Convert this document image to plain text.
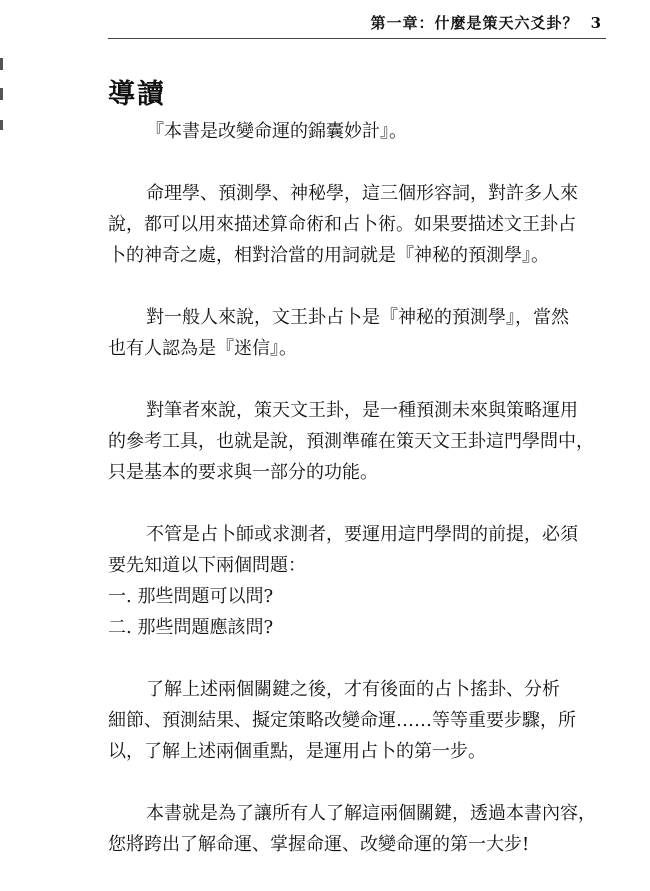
第一章：什麼是策天六爻卦？ 3
導讀
『本書是改變命運的錦囊妙計』。
命理學、預測學、神秘學，這三個形容詞，對許多人來
說，都可以用來描述算命術和占卜術。如果要描述文王卦占
卜的神奇之處，相對洽當的用詞就是『神秘的預測學』。
對一般人來說，文王卦占卜是『神秘的預測學』，當然
也有人認為是『迷信』。
對筆者來說，策天文王卦，是一種預測未來與策略運用
的參考工具，也就是說，預測準確在策天文王卦這門學問中，
只是基本的要求與一部分的功能。
不管是占卜師或求測者，要運用這門學問的前提，必須
要先知道以下兩個問題：
一. 那些問題可以問?
二. 那些問題應該問?
了解上述兩個關鍵之後，才有後面的占卜搖卦、分析
細節、預測結果、擬定策略改變命運……等等重要步驟，所
以，了解上述兩個重點，是運用占卜的第一步。
本書就是為了讓所有人了解這兩個關鍵，透過本書內容，
您將跨出了解命運、掌握命運、改變命運的第一大步!
